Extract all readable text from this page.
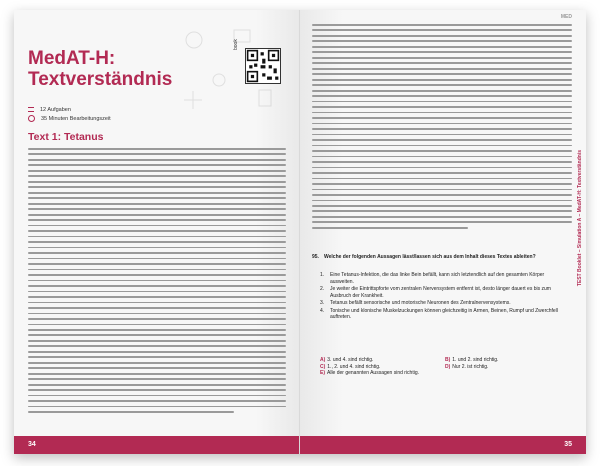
MedAT-H: Textverständnis
book
12 Aufgaben
35 Minuten Bearbeitungszeit
Text 1: Tetanus
34
MED
95. Welche der folgenden Aussagen lässt/lassen sich aus dem Inhalt dieses Textes ableiten?
1.	Eine Tetanus-Infektion, die das linke Bein befällt, kann sich letztendlich auf den gesamten Körper ausweiten.
2.	Je weiter die Eintrittspforte vom zentralen Nervensystem entfernt ist, desto länger dauert es bis zum Ausbruch der Krankheit.
3.	Tetanus befällt sensorische und motorische Neuronen des Zentralnervensystems.
4.	Tonische und klonische Muskelzuckungen können gleichzeitig in Armen, Beinen, Rumpf und Zwerchfell auftreten.
A) 3. und 4. sind richtig.	B) 1. und 2. sind richtig.
C) 1., 2. und 4. sind richtig.	D) Nur 2. ist richtig.
E) Alle der genannten Aussagen sind richtig.
TEST Booklet – Simulation A – MedAT-H: Textverständnis
35
